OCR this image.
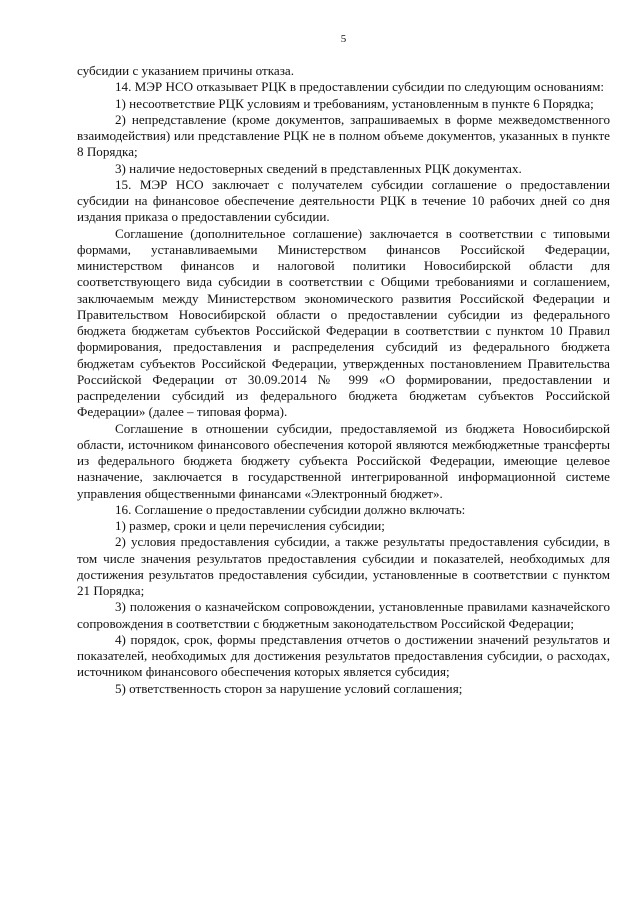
5

субсидии с указанием причины отказа.

14. МЭР НСО отказывает РЦК в предоставлении субсидии по следующим основаниям:

1) несоответствие РЦК условиям и требованиям, установленным в пункте 6 Порядка;

2) непредставление (кроме документов, запрашиваемых в форме межведомственного взаимодействия) или представление РЦК не в полном объеме документов, указанных в пункте 8 Порядка;

3) наличие недостоверных сведений в представленных РЦК документах.

15. МЭР НСО заключает с получателем субсидии соглашение о предоставлении субсидии на финансовое обеспечение деятельности РЦК в течение 10 рабочих дней со дня издания приказа о предоставлении субсидии.

Соглашение (дополнительное соглашение) заключается в соответствии с типовыми формами, устанавливаемыми Министерством финансов Российской Федерации, министерством финансов и налоговой политики Новосибирской области для соответствующего вида субсидии в соответствии с Общими требованиями и соглашением, заключаемым между Министерством экономического развития Российской Федерации и Правительством Новосибирской области о предоставлении субсидии из федерального бюджета бюджетам субъектов Российской Федерации в соответствии с пунктом 10 Правил формирования, предоставления и распределения субсидий из федерального бюджета бюджетам субъектов Российской Федерации, утвержденных постановлением Правительства Российской Федерации от 30.09.2014 № 999 «О формировании, предоставлении и распределении субсидий из федерального бюджета бюджетам субъектов Российской Федерации» (далее – типовая форма).

Соглашение в отношении субсидии, предоставляемой из бюджета Новосибирской области, источником финансового обеспечения которой являются межбюджетные трансферты из федерального бюджета бюджету субъекта Российской Федерации, имеющие целевое назначение, заключается в государственной интегрированной информационной системе управления общественными финансами «Электронный бюджет».

16. Соглашение о предоставлении субсидии должно включать:

1) размер, сроки и цели перечисления субсидии;

2) условия предоставления субсидии, а также результаты предоставления субсидии, в том числе значения результатов предоставления субсидии и показателей, необходимых для достижения результатов предоставления субсидии, установленные в соответствии с пунктом 21 Порядка;

3) положения о казначейском сопровождении, установленные правилами казначейского сопровождения в соответствии с бюджетным законодательством Российской Федерации;

4) порядок, срок, формы представления отчетов о достижении значений результатов и показателей, необходимых для достижения результатов предоставления субсидии, о расходах, источником финансового обеспечения которых является субсидия;

5) ответственность сторон за нарушение условий соглашения;
